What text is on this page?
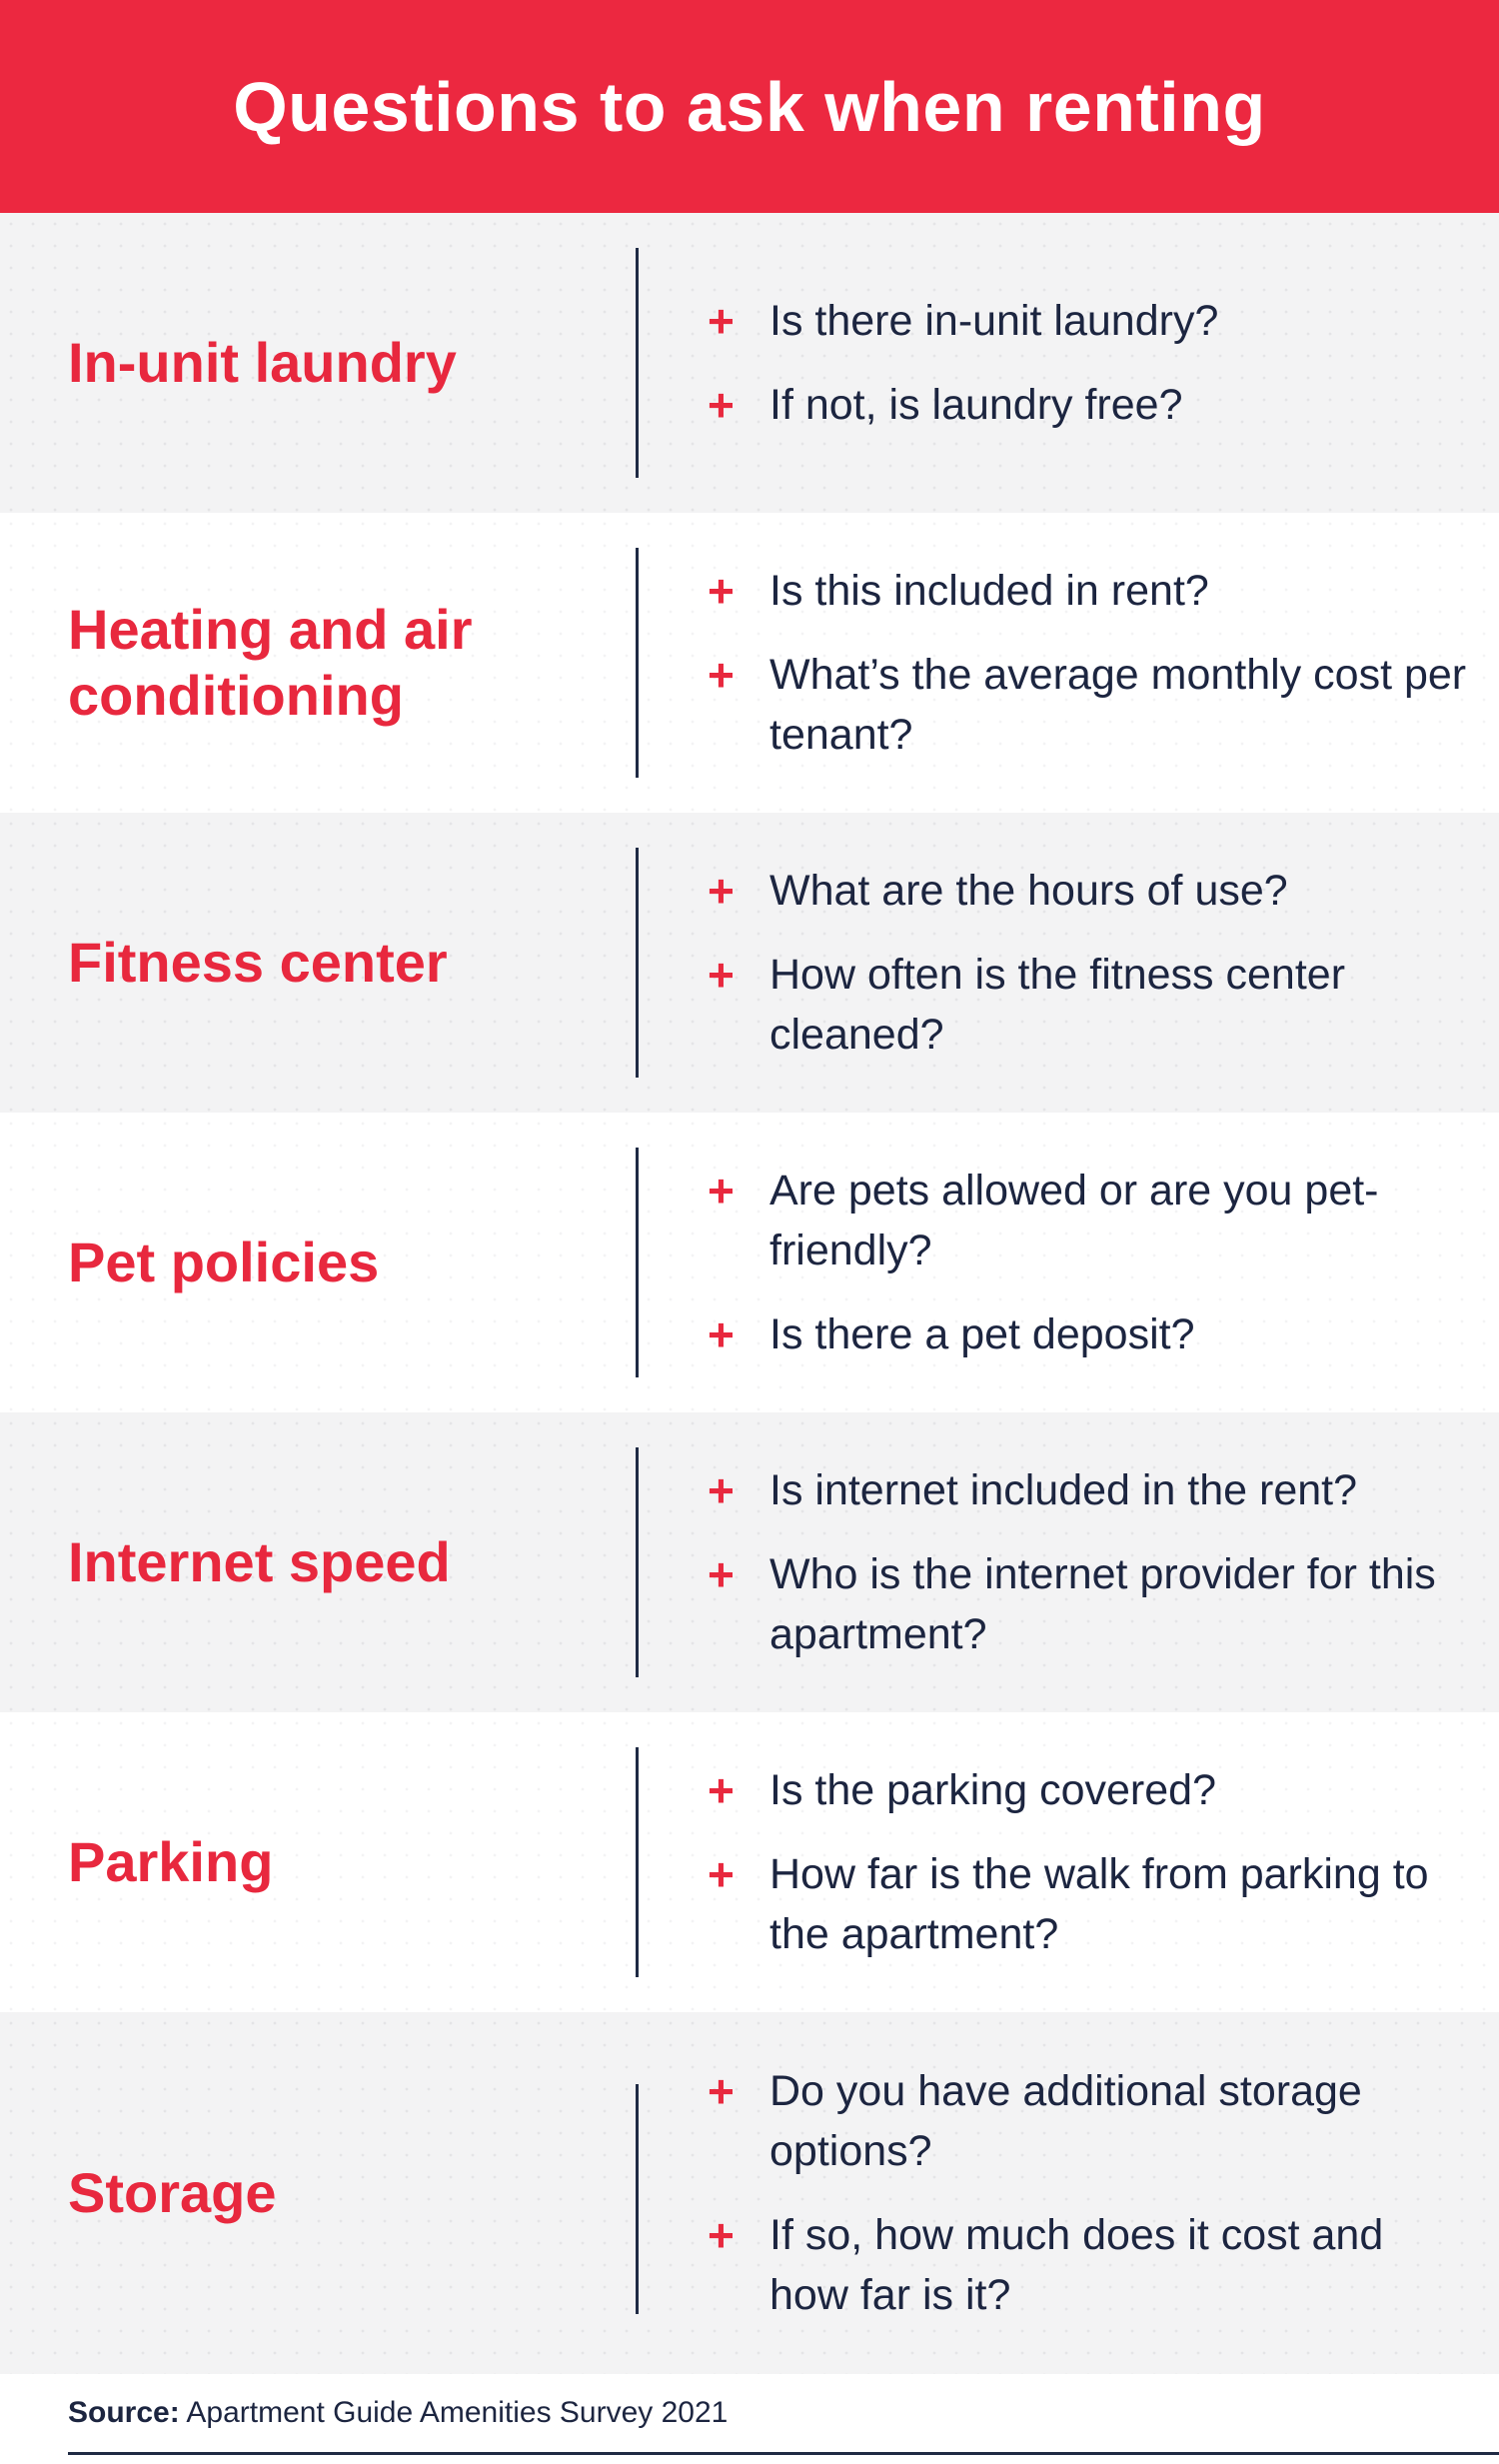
Questions to ask when renting
In-unit laundry
+ Is there in-unit laundry?
+ If not, is laundry free?
Heating and air conditioning
+ Is this included in rent?
+ What’s the average monthly cost per tenant?
Fitness center
+ What are the hours of use?
+ How often is the fitness center cleaned?
Pet policies
+ Are pets allowed or are you pet-friendly?
+ Is there a pet deposit?
Internet speed
+ Is internet included in the rent?
+ Who is the internet provider for this apartment?
Parking
+ Is the parking covered?
+ How far is the walk from parking to the apartment?
Storage
+ Do you have additional storage options?
+ If so, how much does it cost and how far is it?
Source: Apartment Guide Amenities Survey 2021
